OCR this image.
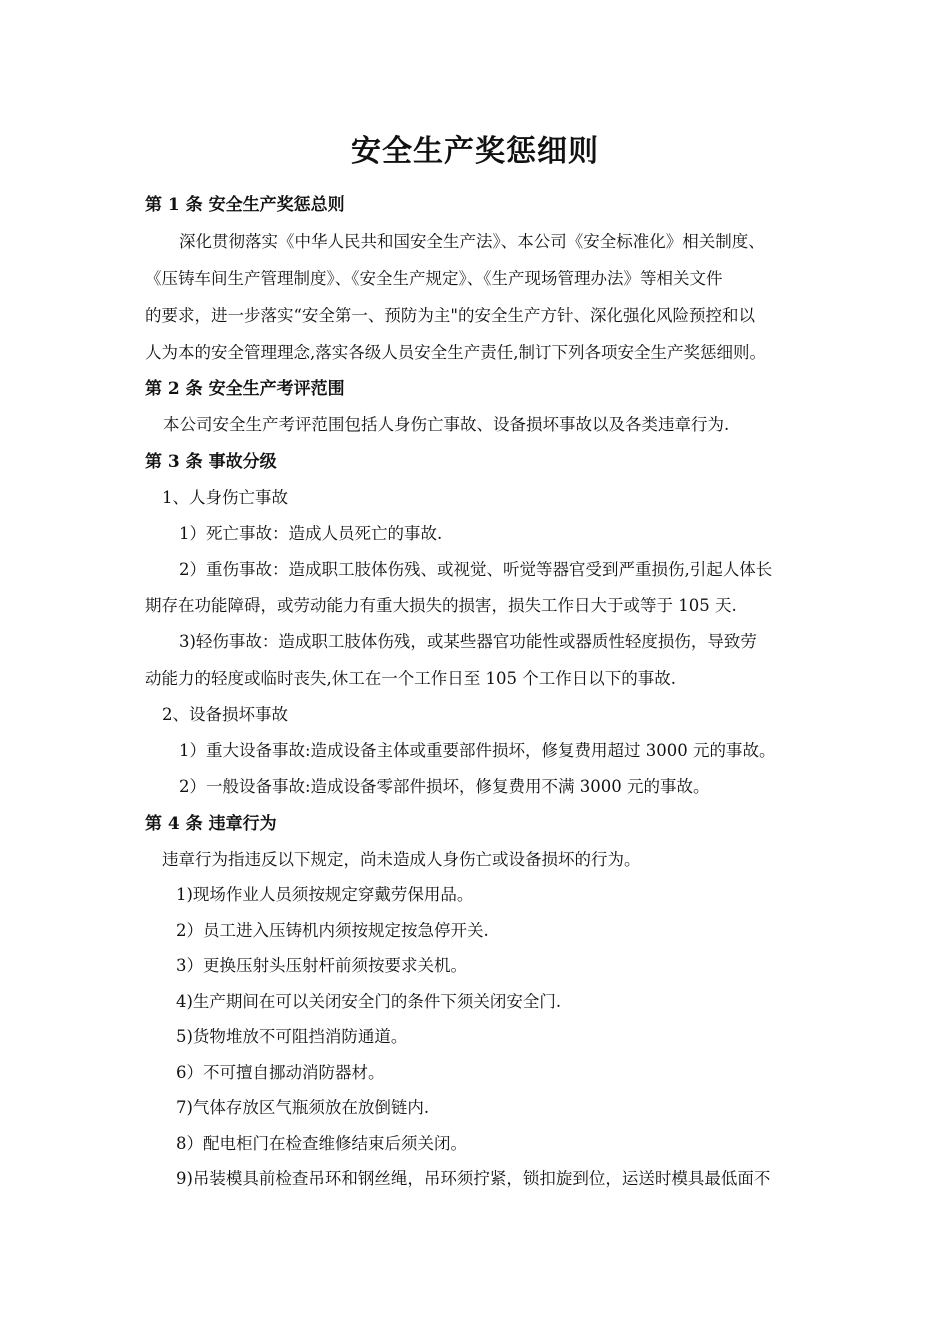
安全生产奖惩细则
第 1 条 安全生产奖惩总则
深化贯彻落实《中华人民共和国安全生产法》、本公司《安全标准化》相关制度、
《压铸车间生产管理制度》、《安全生产规定》、《生产现场管理办法》等相关文件
的要求，进一步落实“安全第一、预防为主"的安全生产方针、深化强化风险预控和以
人为本的安全管理理念,落实各级人员安全生产责任,制订下列各项安全生产奖惩细则。
第 2 条 安全生产考评范围
本公司安全生产考评范围包括人身伤亡事故、设备损坏事故以及各类违章行为.
第 3 条 事故分级
1、人身伤亡事故
1）死亡事故：造成人员死亡的事故.
2）重伤事故：造成职工肢体伤残、或视觉、听觉等器官受到严重损伤,引起人体长
期存在功能障碍，或劳动能力有重大损失的损害，损失工作日大于或等于 105 天.
3)轻伤事故：造成职工肢体伤残，或某些器官功能性或器质性轻度损伤，导致劳
动能力的轻度或临时丧失,休工在一个工作日至 105 个工作日以下的事故.
2、设备损坏事故
1）重大设备事故:造成设备主体或重要部件损坏，修复费用超过 3000 元的事故。
2）一般设备事故:造成设备零部件损坏，修复费用不满 3000 元的事故。
第 4 条 违章行为
违章行为指违反以下规定，尚未造成人身伤亡或设备损坏的行为。
1)现场作业人员须按规定穿戴劳保用品。
2）员工进入压铸机内须按规定按急停开关.
3）更换压射头压射杆前须按要求关机。
4)生产期间在可以关闭安全门的条件下须关闭安全门.
5)货物堆放不可阻挡消防通道。
6）不可擅自挪动消防器材。
7)气体存放区气瓶须放在放倒链内.
8）配电柜门在检查维修结束后须关闭。
9)吊装模具前检查吊环和钢丝绳，吊环须拧紧，锁扣旋到位，运送时模具最低面不
